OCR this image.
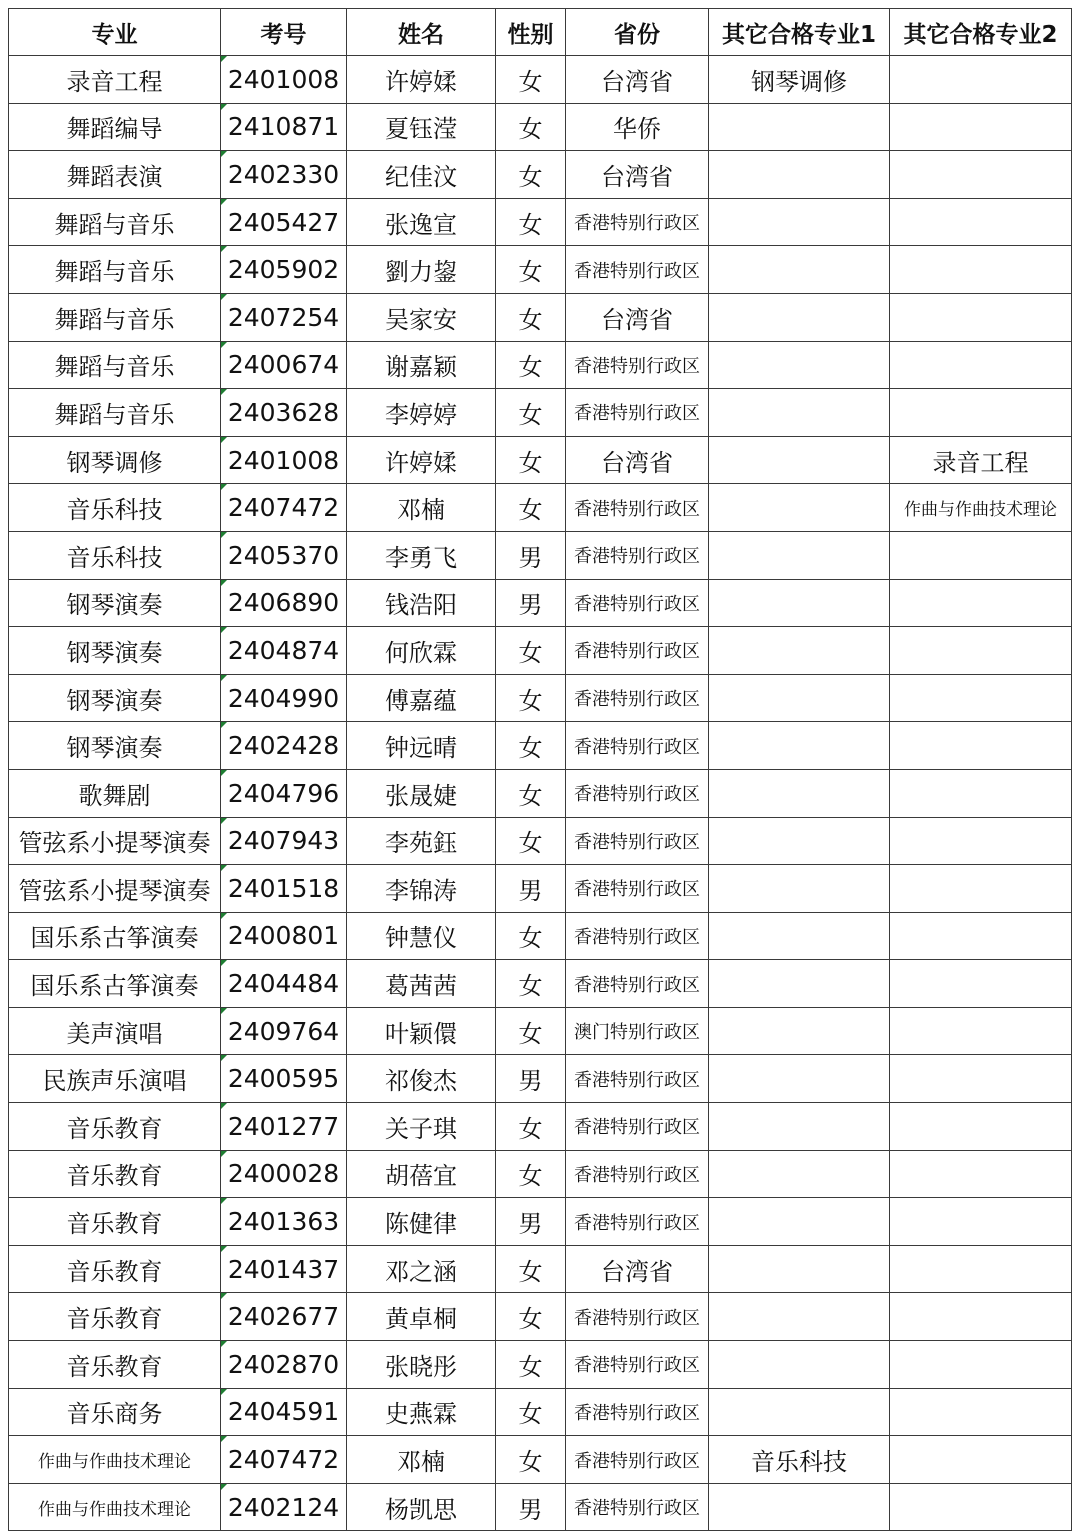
专业	考号	姓名	性别	省份	其它合格专业1	其它合格专业2
录音工程	2401008	许婷媃	女	台湾省	钢琴调修	
舞蹈编导	2410871	夏钰滢	女	华侨		
舞蹈表演	2402330	纪佳汶	女	台湾省		
舞蹈与音乐	2405427	张逸宣	女	香港特别行政区		
舞蹈与音乐	2405902	劉力鋆	女	香港特别行政区		
舞蹈与音乐	2407254	吴家安	女	台湾省		
舞蹈与音乐	2400674	谢嘉颖	女	香港特别行政区		
舞蹈与音乐	2403628	李婷婷	女	香港特别行政区		
钢琴调修	2401008	许婷媃	女	台湾省		录音工程
音乐科技	2407472	邓楠	女	香港特别行政区		作曲与作曲技术理论
音乐科技	2405370	李勇飞	男	香港特别行政区		
钢琴演奏	2406890	钱浩阳	男	香港特别行政区		
钢琴演奏	2404874	何欣霖	女	香港特别行政区		
钢琴演奏	2404990	傅嘉蕴	女	香港特别行政区		
钢琴演奏	2402428	钟远晴	女	香港特别行政区		
歌舞剧	2404796	张晟婕	女	香港特别行政区		
管弦系小提琴演奏	2407943	李苑鈺	女	香港特别行政区		
管弦系小提琴演奏	2401518	李锦涛	男	香港特别行政区		
国乐系古筝演奏	2400801	钟慧仪	女	香港特别行政区		
国乐系古筝演奏	2404484	葛茜茜	女	香港特别行政区		
美声演唱	2409764	叶颖儇	女	澳门特别行政区		
民族声乐演唱	2400595	祁俊杰	男	香港特别行政区		
音乐教育	2401277	关子琪	女	香港特别行政区		
音乐教育	2400028	胡蓓宜	女	香港特别行政区		
音乐教育	2401363	陈健律	男	香港特别行政区		
音乐教育	2401437	邓之涵	女	台湾省		
音乐教育	2402677	黄卓桐	女	香港特别行政区		
音乐教育	2402870	张晓彤	女	香港特别行政区		
音乐商务	2404591	史燕霖	女	香港特别行政区		
作曲与作曲技术理论	2407472	邓楠	女	香港特别行政区	音乐科技	
作曲与作曲技术理论	2402124	杨凯思	男	香港特别行政区		
